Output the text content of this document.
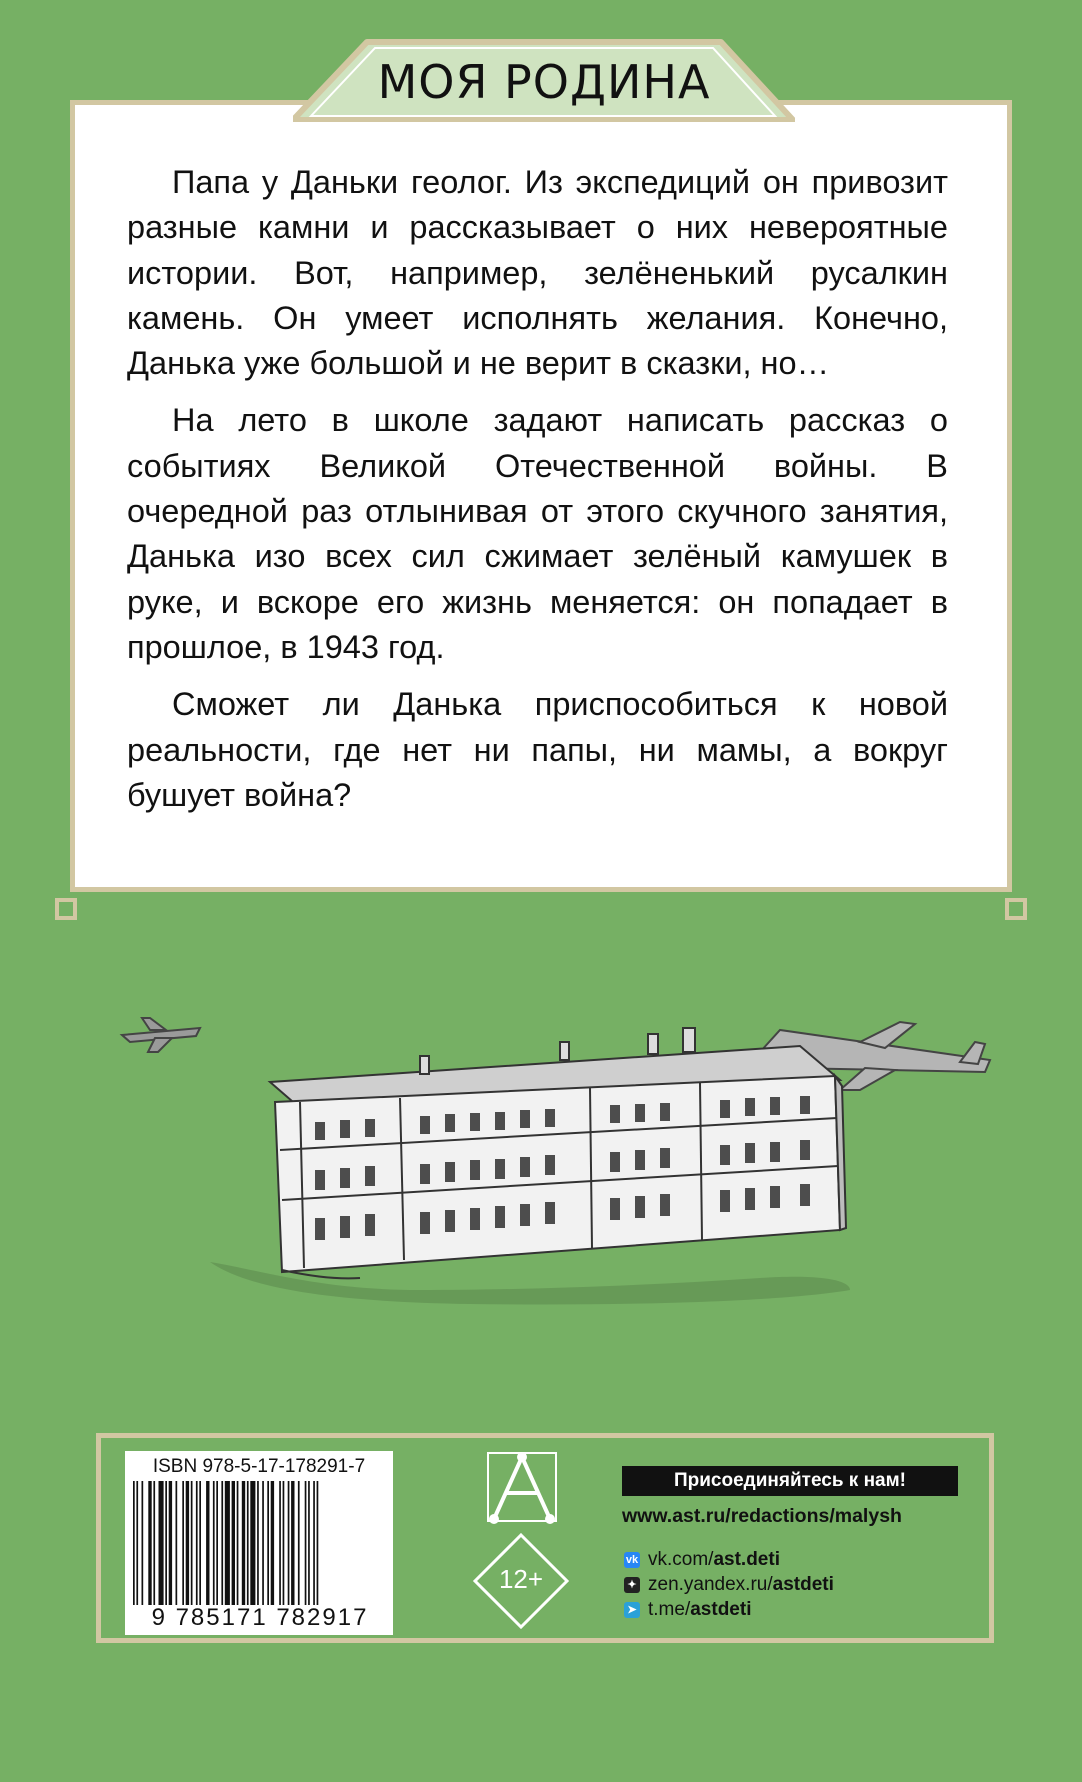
МОЯ РОДИНА

Папа у Даньки геолог. Из экспедиций он привозит разные камни и рассказывает о них невероятные истории. Вот, например, зелёненький русалкин камень. Он умеет исполнять желания. Конечно, Данька уже большой и не верит в сказки, но…

На лето в школе задают написать рассказ о событиях Великой Отечественной войны. В очередной раз отлынивая от этого скучного занятия, Данька изо всех сил сжимает зелёный камушек в руке, и вскоре его жизнь меняется: он попадает в прошлое, в 1943 год.

Сможет ли Данька приспособиться к новой реальности, где нет ни папы, ни мамы, а вокруг бушует война?

ISBN 978-5-17-178291-7
9 785171 782917
12+
Присоединяйтесь к нам!
www.ast.ru/redactions/malysh
vk vk.com/ ast.deti
✦ zen.yandex.ru/ astdeti
➤ t.me/ astdeti
